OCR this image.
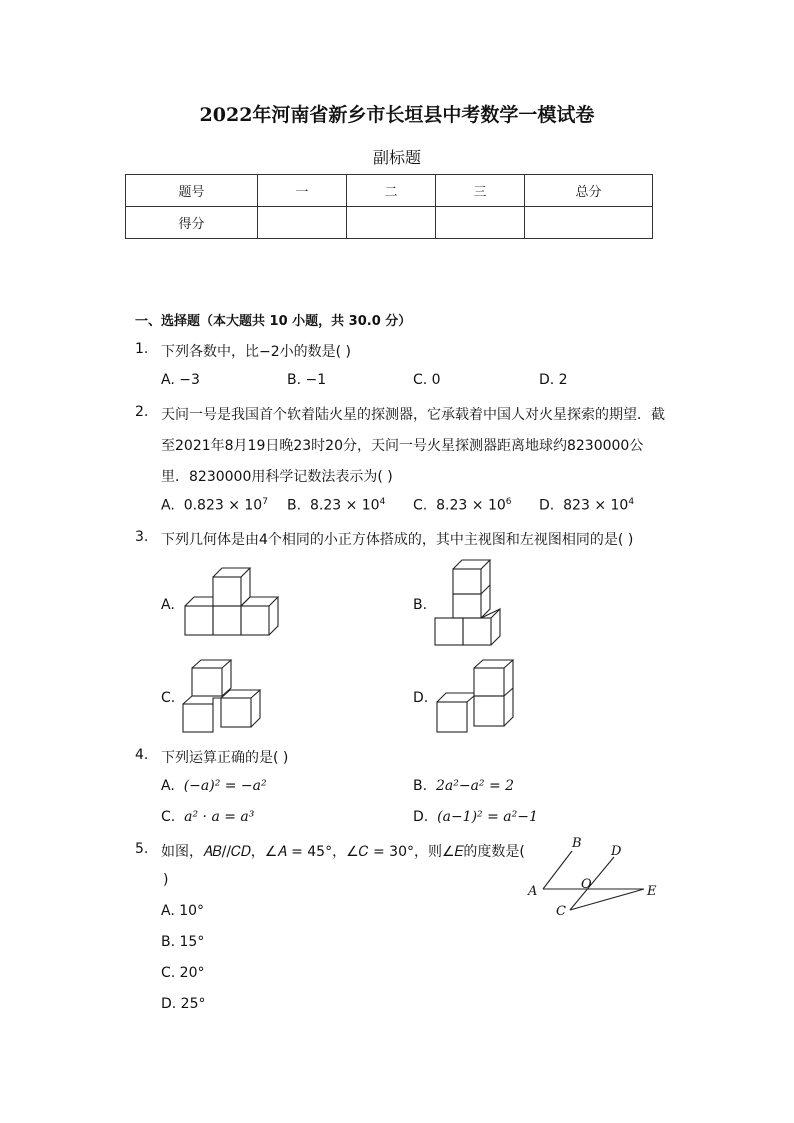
2022年河南省新乡市长垣县中考数学一模试卷
副标题
题号	一	二	三	总分
得分				
一、选择题（本大题共 10 小题，共 30.0 分）
1. 下列各数中，比−2小的数是( )
A. −3	B. −1	C. 0	D. 2
2. 天问一号是我国首个软着陆火星的探测器，它承载着中国人对火星探索的期望．截
至2021年8月19日晚23时20分，天问一号火星探测器距离地球约8230000公
里．8230000用科学记数法表示为( )
A. $0.823 \times 10^7$ B. $8.23 \times 10^4$ C. $8.23 \times 10^6$ D. $823 \times 10^4$
3. 下列几何体是由4个相同的小正方体搭成的，其中主视图和左视图相同的是( )
A.	B.
C.	D.
4. 下列运算正确的是( )
A. (−𝑎)² = −𝑎²	B. 2𝑎²−𝑎² = 2
C. 𝑎² · 𝑎 = 𝑎³	D. (𝑎−1)² = 𝑎²−1
5. 如图，𝐴𝐵//𝐶𝐷，∠𝐴 = 45°，∠𝐶 = 30°，则∠𝐸的度数是(
)
A. 10°
B. 15°
C. 20°
D. 25°
B
D
A	O	E
C
